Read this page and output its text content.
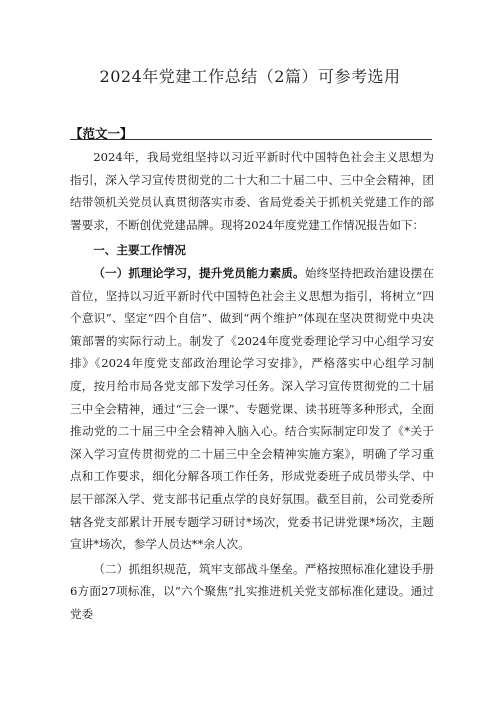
2024年党建工作总结（2篇）可参考选用
【范文一】

2024年，我局党组坚持以习近平新时代中国特色社会主义思想为指引，深入学习宣传贯彻党的二十大和二十届二中、三中全会精神，团结带领机关党员认真贯彻落实市委、省局党委关于抓机关党建工作的部署要求，不断创优党建品牌。现将2024年度党建工作情况报告如下：

一、主要工作情况

（一）抓理论学习，提升党员能力素质。始终坚持把政治建设摆在首位，坚持以习近平新时代中国特色社会主义思想为指引，将树立“四个意识”、坚定“四个自信”、做到“两个维护”体现在坚决贯彻党中央决策部署的实际行动上。制发了《2024年度党委理论学习中心组学习安排》《2024年度党支部政治理论学习安排》，严格落实中心组学习制度，按月给市局各党支部下发学习任务。深入学习宣传贯彻党的二十届三中全会精神，通过“三会一课”、专题党课、读书班等多种形式，全面推动党的二十届三中全会精神入脑入心。结合实际制定印发了《*关于深入学习宣传贯彻党的二十届三中全会精神实施方案》，明确了学习重点和工作要求，细化分解各项工作任务，形成党委班子成员带头学、中层干部深入学、党支部书记重点学的良好氛围。截至目前，公司党委所辖各党支部累计开展专题学习研讨*场次，党委书记讲党课*场次，主题宣讲*场次，参学人员达**余人次。

（二）抓组织规范，筑牢支部战斗堡垒。严格按照标准化建设手册6方面27项标准，以“六个聚焦”扎实推进机关党支部标准化建设。通过党委
